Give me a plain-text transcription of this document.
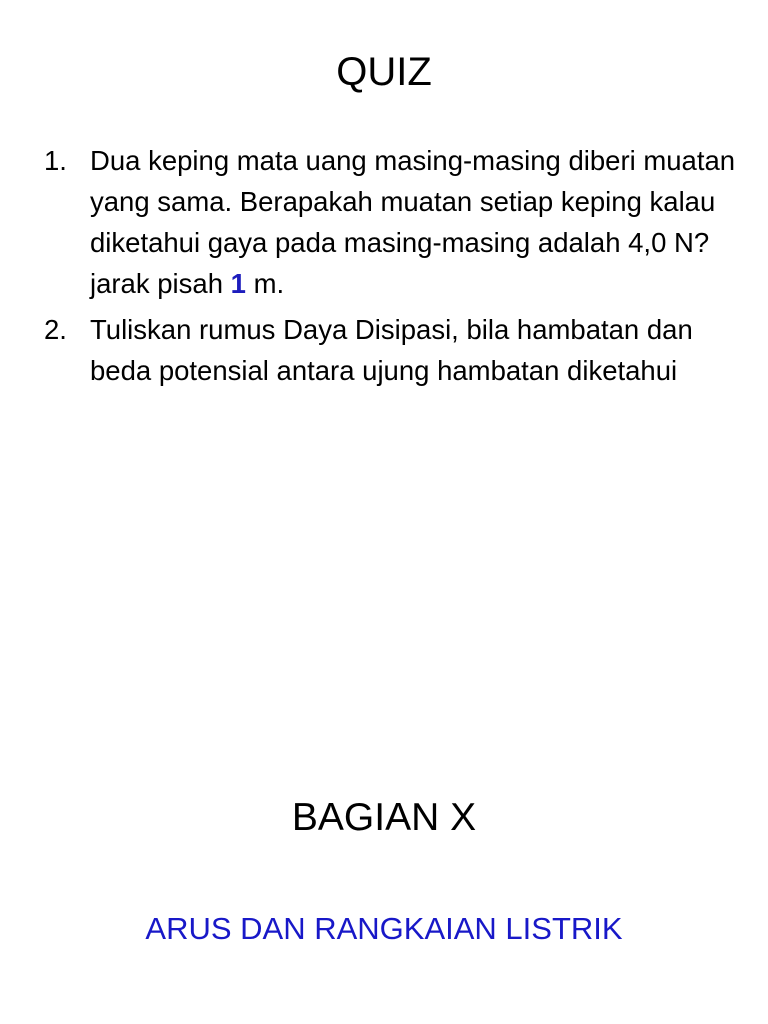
QUIZ
1. Dua keping mata uang masing-masing diberi muatan yang sama. Berapakah muatan setiap keping kalau diketahui gaya pada masing-masing adalah 4,0 N? jarak pisah 1 m.
2. Tuliskan rumus Daya Disipasi, bila hambatan dan beda potensial antara ujung hambatan diketahui
BAGIAN X

ARUS DAN RANGKAIAN LISTRIK
